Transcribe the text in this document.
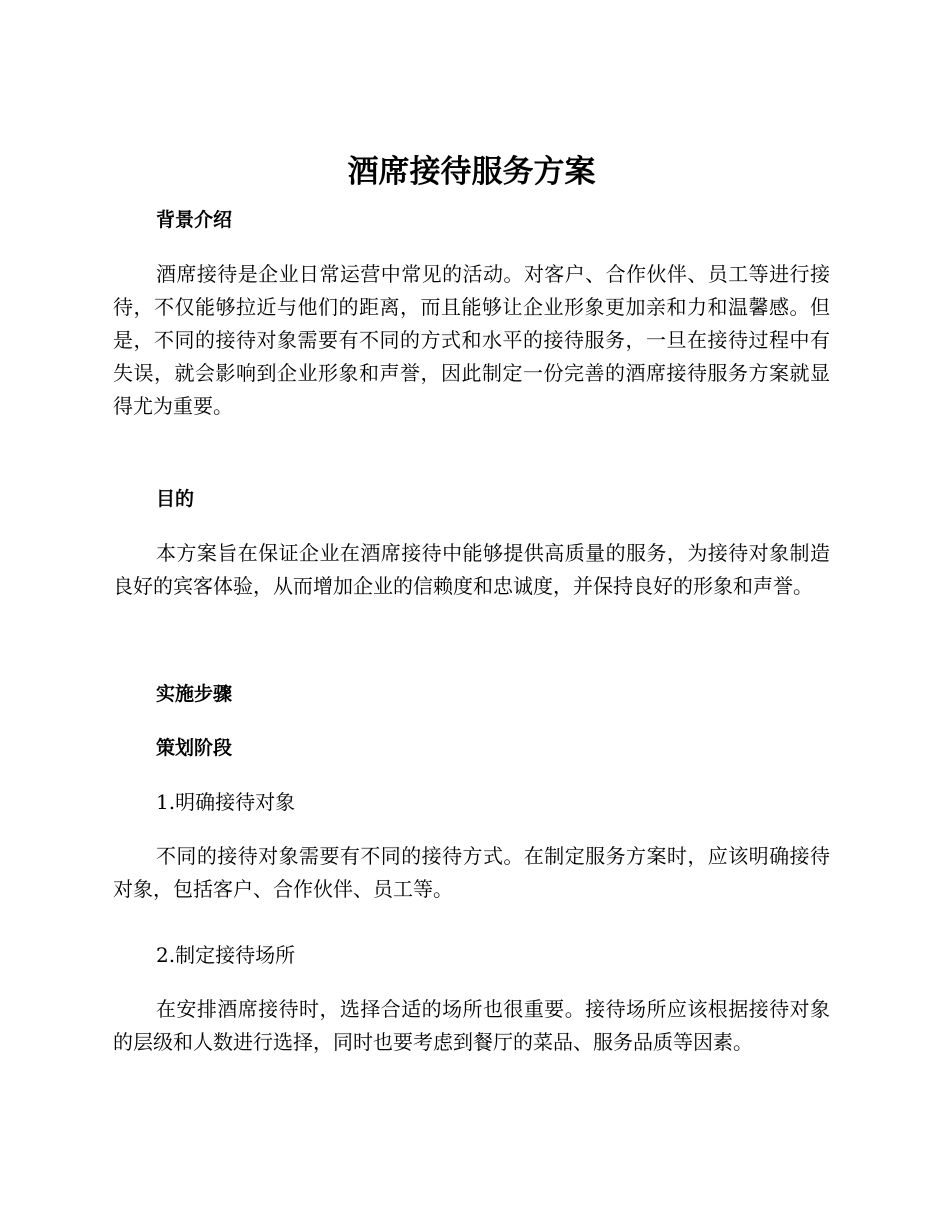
酒席接待服务方案
背景介绍

酒席接待是企业日常运营中常见的活动。对客户、合作伙伴、员工等进行接待，不仅能够拉近与他们的距离，而且能够让企业形象更加亲和力和温馨感。但是，不同的接待对象需要有不同的方式和水平的接待服务，一旦在接待过程中有失误，就会影响到企业形象和声誉，因此制定一份完善的酒席接待服务方案就显得尤为重要。

目的

本方案旨在保证企业在酒席接待中能够提供高质量的服务，为接待对象制造良好的宾客体验，从而增加企业的信赖度和忠诚度，并保持良好的形象和声誉。

实施步骤
策划阶段

1.明确接待对象

不同的接待对象需要有不同的接待方式。在制定服务方案时，应该明确接待对象，包括客户、合作伙伴、员工等。

2.制定接待场所

在安排酒席接待时，选择合适的场所也很重要。接待场所应该根据接待对象的层级和人数进行选择，同时也要考虑到餐厅的菜品、服务品质等因素。
